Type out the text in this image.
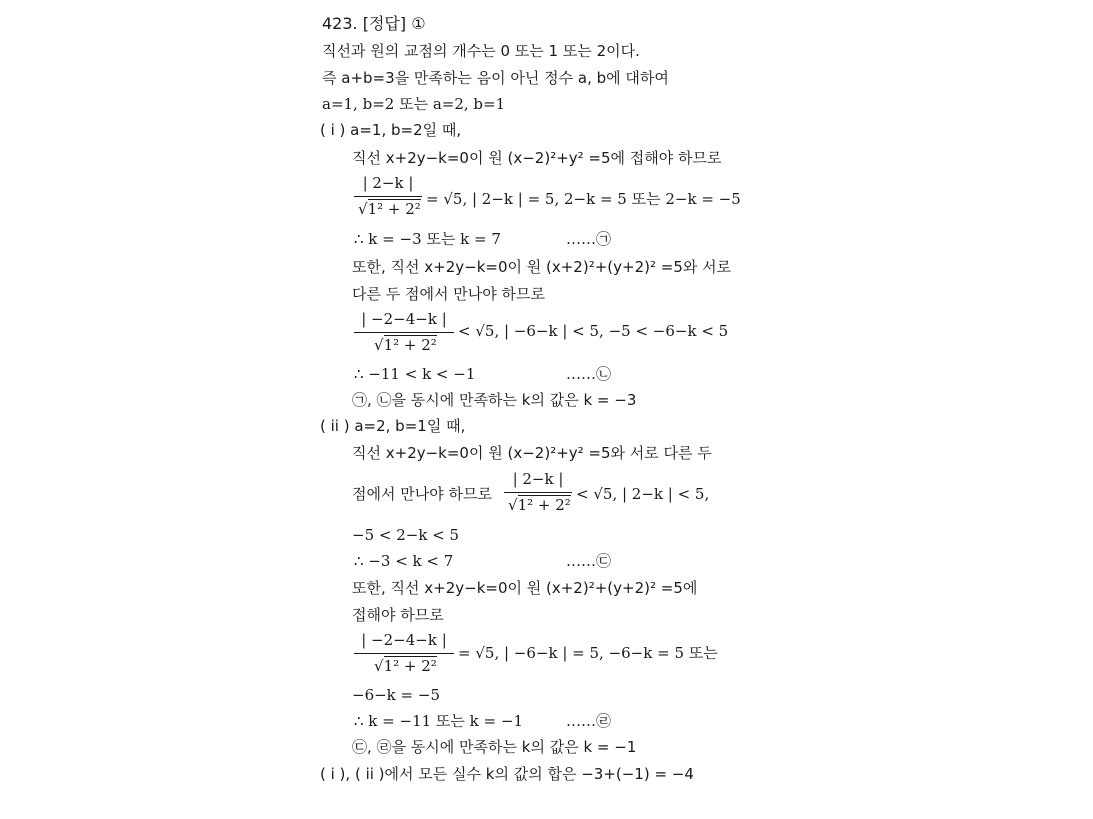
423. [정답] ①
직선과 원의 교점의 개수는 0 또는 1 또는 2이다.
즉 a+b=3을 만족하는 음이 아닌 정수 a, b에 대하여
a=1, b=2 또는 a=2, b=1
( i ) a=1, b=2일 때,
직선 x+2y−k=0이 원 (x−2)²+y² =5에 접해야 하므로
| 2−k |
√1² + 2²
= √5, | 2−k | = 5, 2−k = 5 또는 2−k = −5
∴ k = −3 또는 k = 7	……㉠
또한, 직선 x+2y−k=0이 원 (x+2)²+(y+2)² =5와 서로
다른 두 점에서 만나야 하므로
| −2−4−k |
√1² + 2²
< √5, | −6−k | < 5, −5 < −6−k < 5
∴ −11 < k < −1	……㉡
㉠, ㉡을 동시에 만족하는 k의 값은 k = −3
( ii ) a=2, b=1일 때,
직선 x+2y−k=0이 원 (x−2)²+y² =5와 서로 다른 두
점에서 만나야 하므로
| 2−k |
√1² + 2²
< √5, | 2−k | < 5,
−5 < 2−k < 5
∴ −3 < k < 7	……㉢
또한, 직선 x+2y−k=0이 원 (x+2)²+(y+2)² =5에
접해야 하므로
| −2−4−k |
√1² + 2²
= √5, | −6−k | = 5, −6−k = 5 또는
−6−k = −5
∴ k = −11 또는 k = −1	……㉣
㉢, ㉣을 동시에 만족하는 k의 값은 k = −1
( i ), ( ii )에서 모든 실수 k의 값의 합은 −3+(−1) = −4
